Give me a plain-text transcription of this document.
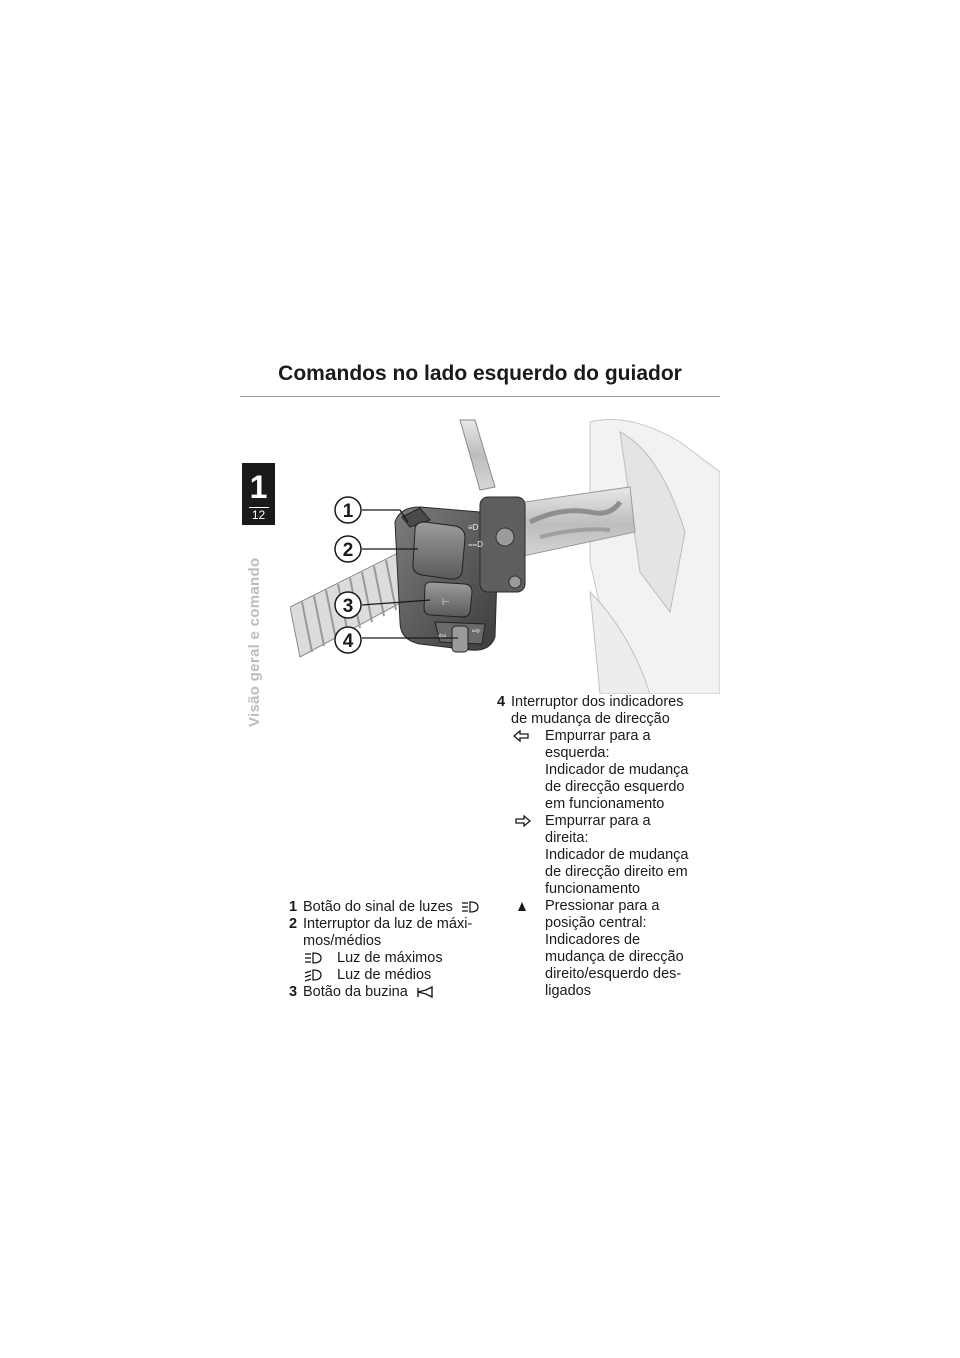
1
12
Visão geral e comando
Comandos no lado esquerdo do guiador
≡D
⩵D
⊢
⇦	⇨
1
2
3
4
1 Botão do sinal de luzes
2 Interruptor da luz de máxi-
mos/médios
Luz de máximos
Luz de médios
3 Botão da buzina
4 Interruptor dos indicadores
de mudança de direcção
Empurrar para a
esquerda:
Indicador de mudança
de direcção esquerdo
em funcionamento
Empurrar para a
direita:
Indicador de mudança
de direcção direito em
funcionamento
Pressionar para a
posição central:
Indicadores de
mudança de direcção
direito/esquerdo des-
ligados
